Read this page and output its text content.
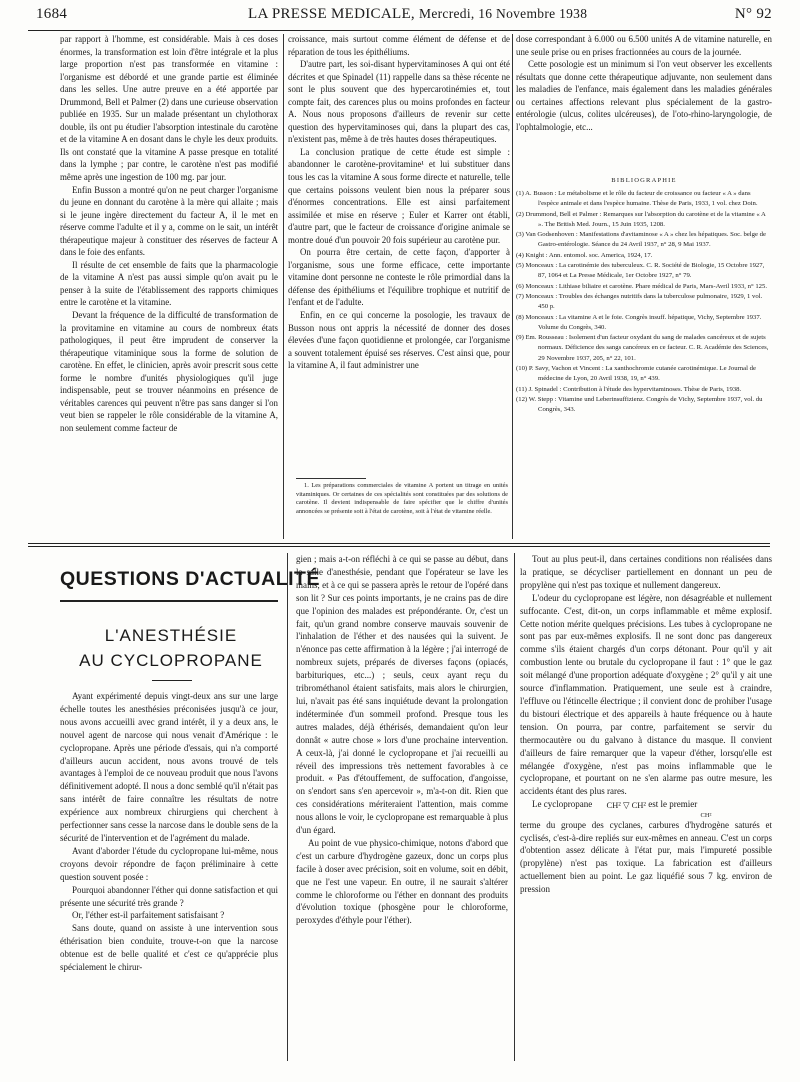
1684	LA PRESSE MEDICALE, Mercredi, 16 Novembre 1938	N° 92

par rapport à l'homme, est considérable. Mais à ces doses énormes, la transformation est loin d'être intégrale et la plus large proportion n'est pas transformée en vitamine : l'organisme est débordé et une grande partie est éliminée dans les selles. Une autre preuve en a été apportée par Drummond, Bell et Palmer (2) dans une curieuse observation publiée en 1935. Sur un malade présentant un chylothorax double, ils ont pu étudier l'absorption intestinale du carotène et de la vitamine A en dosant dans le chyle les deux produits. Ils ont constaté que la vitamine A passe presque en totalité dans la lymphe ; par contre, le carotène n'est pas modifié même après une ingestion de 100 mg. par jour.

Enfin Busson a montré qu'on ne peut charger l'organisme du jeune en donnant du carotène à la mère qui allaite ; mais si le jeune ingère directement du facteur A, il le met en réserve comme l'adulte et il y a, comme on le sait, un intérêt thérapeutique majeur à constituer des réserves de facteur A dans le foie des enfants.

Il résulte de cet ensemble de faits que la pharmacologie de la vitamine A n'est pas aussi simple qu'on avait pu le penser à la suite de l'établissement des rapports chimiques entre le carotène et la vitamine.

Devant la fréquence de la difficulté de transformation de la provitamine en vitamine au cours de nombreux états pathologiques, il peut être imprudent de conserver la thérapeutique vitaminique sous la forme de solution de carotène. En effet, le clinicien, après avoir prescrit sous cette forme le nombre d'unités physiologiques qu'il juge indispensable, peut se trouver néanmoins en présence de véritables carences qui peuvent n'être pas sans danger si l'on veut bien se rappeler le rôle considérable de la vitamine A, non seulement comme facteur de

croissance, mais surtout comme élément de défense et de réparation de tous les épithéliums.

D'autre part, les soi-disant hypervitaminoses A qui ont été décrites et que Spinadel (11) rappelle dans sa thèse récente ne sont le plus souvent que des hypercarotinémies et, tout compte fait, des carences plus ou moins profondes en facteur A. Nous nous proposons d'ailleurs de revenir sur cette question des hypervitaminoses qui, dans la plupart des cas, n'existent pas, même à de très hautes doses thérapeutiques.

La conclusion pratique de cette étude est simple : abandonner le carotène-provitamine¹ et lui substituer dans tous les cas la vitamine A sous forme directe et naturelle, telle que certains poissons veulent bien nous la préparer sous d'énormes concentrations. Elle est ainsi parfaitement assimilée et mise en réserve ; Euler et Karrer ont établi, d'autre part, que le facteur de croissance d'origine animale se montre doué d'un pouvoir 20 fois supérieur au carotène pur.

On pourra être certain, de cette façon, d'apporter à l'organisme, sous une forme efficace, cette importante vitamine dont personne ne conteste le rôle primordial dans la défense des épithéliums et l'équilibre trophique et nutritif de l'enfant et de l'adulte.

Enfin, en ce qui concerne la posologie, les travaux de Busson nous ont appris la nécessité de donner des doses élevées d'une façon quotidienne et prolongée, car l'organisme a souvent totalement épuisé ses réserves. C'est ainsi que, pour la vitamine A, il faut administrer une

1. Les préparations commerciales de vitamine A portent un titrage en unités vitaminiques. Or certaines de ces spécialités sont constituées par des solutions de carotène. Il devient indispensable de faire spécifier que le chiffre d'unités annoncées se présente soit à l'état de carotène, soit à l'état de vitamine réelle.

dose correspondant à 6.000 ou 6.500 unités A de vitamine naturelle, en une seule prise ou en prises fractionnées au cours de la journée.

Cette posologie est un minimum si l'on veut observer les excellents résultats que donne cette thérapeutique adjuvante, non seulement dans les maladies de l'enfance, mais également dans les maladies générales ou certaines affections relevant plus spécialement de la gastro-entérologie (ulcus, colites ulcéreuses), de l'oto-rhino-laryngologie, de l'ophtalmologie, etc...

BIBLIOGRAPHIE
(1) A. Busson : Le métabolisme et le rôle du facteur de croissance ou facteur « A » dans l'espèce animale et dans l'espèce humaine. Thèse de Paris, 1933, 1 vol. chez Doin.
(2) Drummond, Bell et Palmer : Remarques sur l'absorption du carotène et de la vitamine « A ». The British Med. Journ., 15 Juin 1935, 1208.
(3) Van Godsenhoven : Manifestations d'avitaminose « A » chez les hépatiques. Soc. belge de Gastro-entérologie. Séance du 24 Avril 1937, n° 28, 9 Mai 1937.
(4) Knight : Ann. entomol. soc. America, 1924, 17.
(5) Monceaux : La carotinémie des tuberculeux. C. R. Société de Biologie, 15 Octobre 1927, 87, 1064 et La Presse Médicale, 1er Octobre 1927, n° 79.
(6) Monceaux : Lithiase biliaire et carotène. Phare médical de Paris, Mars-Avril 1933, n° 125.
(7) Monceaux : Troubles des échanges nutritifs dans la tuberculose pulmonaire, 1929, 1 vol. 450 p.
(8) Monceaux : La vitamine A et le foie. Congrès insuff. hépatique, Vichy, Septembre 1937. Volume du Congrès, 340.
(9) Em. Rousseau : Isolement d'un facteur oxydant du sang de malades cancéreux et de sujets normaux. Déficience des sangs cancéreux en ce facteur. C. R. Académie des Sciences, 29 Novembre 1937, 205, n° 22, 101.
(10) P. Savy, Vachon et Vincent : La xanthochromie cutanée carotinémique. Le Journal de médecine de Lyon, 20 Avril 1938, 19, n° 439.
(11) J. Spinadel : Contribution à l'étude des hypervitaminoses. Thèse de Paris, 1938.
(12) W. Stepp : Vitamine und Leberinsuffizienz. Congrès de Vichy, Septembre 1937, vol. du Congrès, 343.
QUESTIONS D'ACTUALITÉ
L'ANESTHÉSIE
AU CYCLOPROPANE

Ayant expérimenté depuis vingt-deux ans sur une large échelle toutes les anesthésies préconisées jusqu'à ce jour, nous avons accueilli avec grand intérêt, il y a deux ans, le nouvel agent de narcose qui nous venait d'Amérique : le cyclopropane. Après une période d'essais, qui n'a comporté d'ailleurs aucun accident, nous avons trouvé de tels avantages à l'emploi de ce nouveau produit que nous l'avons définitivement adopté. Il nous a donc semblé qu'il n'était pas sans intérêt de faire connaître les résultats de notre expérience aux nombreux chirurgiens qui cherchent à perfectionner sans cesse la narcose dans le double sens de la sécurité de l'intervention et de l'agrément du malade.

Avant d'aborder l'étude du cyclopropane lui-même, nous croyons devoir répondre de façon préliminaire à cette question souvent posée :

Pourquoi abandonner l'éther qui donne satisfaction et qui présente une sécurité très grande ?

Or, l'éther est-il parfaitement satisfaisant ?

Sans doute, quand on assiste à une intervention sous éthérisation bien conduite, trouve-t-on que la narcose obtenue est de belle qualité et c'est ce qu'apprécie plus spécialement le chirur-

gien ; mais a-t-on réfléchi à ce qui se passe au début, dans la salle d'anesthésie, pendant que l'opérateur se lave les mains, et à ce qui se passera après le retour de l'opéré dans son lit ? Sur ces points importants, je ne crains pas de dire que l'opinion des malades est prépondérante. Or, c'est un fait, qu'un grand nombre conserve mauvais souvenir de l'inhalation de l'éther et des nausées qui la suivent. Je n'énonce pas cette affirmation à la légère ; j'ai interrogé de nombreux sujets, préparés de diverses façons (opiacés, barbituriques, etc...) ; seuls, ceux ayant reçu du tribrométhanol étaient satisfaits, mais alors le chirurgien, lui, n'avait pas été sans inquiétude devant la prolongation indéterminée d'un sommeil profond. Presque tous les autres malades, déjà éthérisés, demandaient qu'on leur donnât « autre chose » lors d'une prochaine intervention. A ceux-là, j'ai donné le cyclopropane et j'ai recueilli au réveil des impressions très nettement favorables à ce produit. « Pas d'étouffement, de suffocation, d'angoisse, on s'endort sans s'en apercevoir », m'a-t-on dit. Rien que ces considérations mériteraient l'attention, mais comme nous allons le voir, le cyclopropane est remarquable à plus d'un égard.

Au point de vue physico-chimique, notons d'abord que c'est un carbure d'hydrogène gazeux, donc un corps plus facile à doser avec précision, soit en volume, soit en débit, que ne l'est une vapeur. En outre, il ne saurait s'altérer comme le chloroforme ou l'éther en donnant des produits d'évolution toxique (phosgène pour le chloroforme, peroxydes d'éthyle pour l'éther).

Tout au plus peut-il, dans certaines conditions non réalisées dans la pratique, se décycliser partiellement en donnant un peu de propylène qui n'est pas toxique et nullement dangereux.

L'odeur du cyclopropane est légère, non désagréable et nullement suffocante. C'est, dit-on, un corps inflammable et même explosif. Cette notion mérite quelques précisions. Les tubes à cyclopropane ne sont pas par eux-mêmes explosifs. Il ne sont donc pas dangereux comme s'ils étaient chargés d'un corps détonant. Pour qu'il y ait combustion lente ou brutale du cyclopropane il faut : 1° que le gaz soit mélangé d'une proportion adéquate d'oxygène ; 2° qu'il y ait une source d'inflammation. Pratiquement, une seule est à craindre, l'effluve ou l'étincelle électrique ; il convient donc de prohiber l'usage du bistouri électrique et des appareils à haute fréquence ou à haute tension. On pourra, par contre, parfaitement se servir du thermocautère ou du galvano à distance du masque. Il convient d'ailleurs de faire remarquer que la vapeur d'éther, lorsqu'elle est mélangée d'oxygène, n'est pas moins inflammable que le cyclopropane, et pourtant on ne s'en alarme pas outre mesure, les accidents étant des plus rares.

Le cyclopropane CH² ▽ CH² est le premier

CH²

terme du groupe des cyclanes, carbures d'hydrogène saturés et cyclisés, c'est-à-dire repliés sur eux-mêmes en anneau. C'est un corps d'obtention assez délicate à l'état pur, mais l'impureté possible (propylène) n'est pas toxique. La fabrication est d'ailleurs actuellement bien au point. Le gaz liquéfié sous 7 kg. environ de pression
